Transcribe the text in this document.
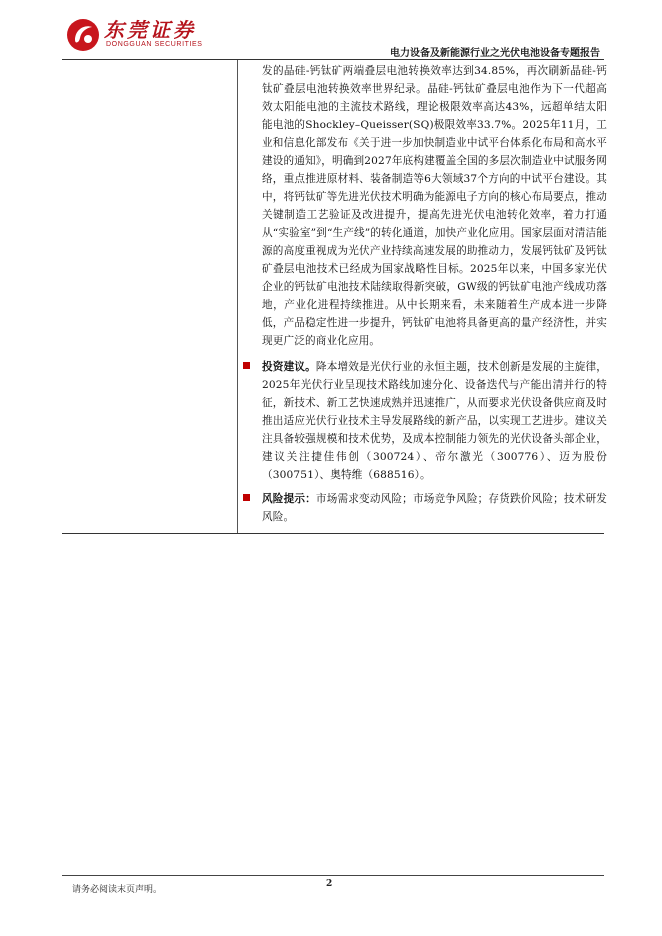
东莞证券
DONGGUAN SECURITIES
电力设备及新能源行业之光伏电池设备专题报告

发的晶硅-钙钛矿两端叠层电池转换效率达到34.85%，再次刷新晶硅-钙钛矿叠层电池转换效率世界纪录。晶硅-钙钛矿叠层电池作为下一代超高效太阳能电池的主流技术路线，理论极限效率高达43%，远超单结太阳能电池的Shockley–Queisser(SQ)极限效率33.7%。2025年11月，工业和信息化部发布《关于进一步加快制造业中试平台体系化布局和高水平建设的通知》，明确到2027年底构建覆盖全国的多层次制造业中试服务网络，重点推进原材料、装备制造等6大领域37个方向的中试平台建设。其中，将钙钛矿等先进光伏技术明确为能源电子方向的核心布局要点，推动关键制造工艺验证及改进提升，提高先进光伏电池转化效率，着力打通从“实验室”到“生产线”的转化通道，加快产业化应用。国家层面对清洁能源的高度重视成为光伏产业持续高速发展的助推动力，发展钙钛矿及钙钛矿叠层电池技术已经成为国家战略性目标。2025年以来，中国多家光伏企业的钙钛矿电池技术陆续取得新突破，GW级的钙钛矿电池产线成功落地，产业化进程持续推进。从中长期来看，未来随着生产成本进一步降低，产品稳定性进一步提升，钙钛矿电池将具备更高的量产经济性，并实现更广泛的商业化应用。

投资建议。降本增效是光伏行业的永恒主题，技术创新是发展的主旋律，2025年光伏行业呈现技术路线加速分化、设备迭代与产能出清并行的特征，新技术、新工艺快速成熟并迅速推广，从而要求光伏设备供应商及时推出适应光伏行业技术主导发展路线的新产品，以实现工艺进步。建议关注具备较强规模和技术优势，及成本控制能力领先的光伏设备头部企业，建议关注捷佳伟创（300724）、帝尔激光（300776）、迈为股份（300751）、奥特维（688516）。

风险提示：市场需求变动风险；市场竞争风险；存货跌价风险；技术研发风险。

请务必阅读末页声明。
2
